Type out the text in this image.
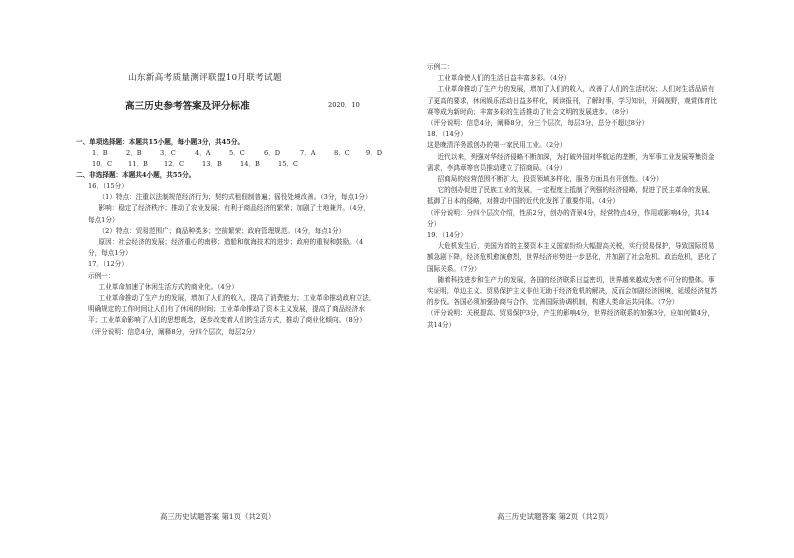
山东新高考质量测评联盟10月联考试题
高三历史参考答案及评分标准	2020．10
一、单项选择题：本题共15小题，每小题3分，共45分。
1．B	2．B	3．C	4．A	5．C	6．D	7．A	8．C 9．D
10．C 11．B 12．C	13．B	14．B	15．C
二、非选择题：本题共4小题，共55分。

16．（15分）

（1）特点：注重以法制规范经济行为；契约式租佃制普遍；徭役处境改善。（3分，每点1分）

影响：稳定了经济秩序；推动了农业发展；有利于商品经济的繁荣；加剧了土地兼并。（4分，每点1分）

（2）特点：贸易范围广；商品种类多；空前繁荣；政府管理规范。（4分，每点1分）

原因：社会经济的发展；经济重心的南移；造船和航海技术的进步；政府的重视和鼓励。（4分，每点1分）

17．（12分）

示例一：

工业革命加速了休闲生活方式的商业化。（4分）

工业革命推动了生产力的发展，增加了人们的收入，提高了消费能力；工业革命推动政府立法，明确规定的工作时间让人们有了休闲的时间；工业革命推动了资本主义发展，提高了商品经济水平；工业革命影响了人们的思想观念，逐步改变着人们的生活方式，推动了商业化倾向。（8分）

（评分说明：信息4分，阐释8分，分四个层次，每层2分）

高三历史试题答案 第1页（共2页）

示例二：

工业革命使人们的生活日益丰富多彩。（4分）

工业革命推动了生产力的发展，增加了人们的收入，改善了人们的生活状况；人们对生活品质有了更高的要求，休闲娱乐活动日益多样化，阅读报刊，了解时事，学习知识，开阔视野，观赏体育比赛等成为新时尚；丰富多彩的生活推动了社会文明的发展进步。（8分）

（评分说明：信息4分，阐释8分，分三个层次，每层3分，总分不超过8分）

18．（14分）

这是晚清洋务派创办的第一家民用工业。（2分）

近代以来，列强对华经济侵略不断加深，为打破外国对华航运的垄断，为军事工业发展筹集资金需求，李鸿章等官员推动建立了招商局。（4分）

招商局的经营范围不断扩大，投资领域多样化，服务方面具有开创性。（4分）

它的创办促进了民族工业的发展，一定程度上抵制了列强的经济侵略，促进了民主革命的发展，抵御了日本的侵略，对推动中国的近代化发挥了重要作用。（4分）

（评分说明：分四个层次介绍，性质2分，创办的背景4分，经营特点4分，作用或影响4分，共14分）

19．（14分）

大危机发生后，美国为首的主要资本主义国家纷纷大幅提高关税，实行贸易保护，导致国际贸易额急剧下降，经济危机愈演愈烈，世界经济形势进一步恶化，并加剧了社会危机、政治危机，恶化了国际关系。（7分）

随着科技进步和生产力的发展，各国的经济联系日益密切，世界越来越成为密不可分的整体。事实证明，单边主义、贸易保护主义非但无助于经济危机的解决，反而会加剧经济困境，延缓经济复苏的步伐。各国必须加强协商与合作，完善国际协调机制，构建人类命运共同体。（7分）

（评分说明：关税提高、贸易保护3分，产生的影响4分，世界经济联系的加强3分，应如何做4分，共14分）

高三历史试题答案 第2页（共2页）
